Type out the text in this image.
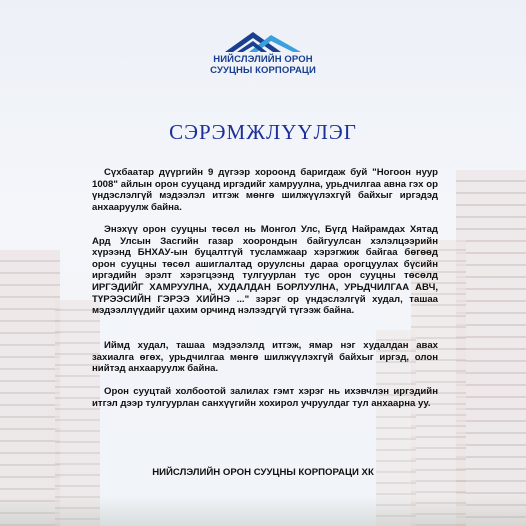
НИЙСЛЭЛИЙН ОРОН
СУУЦНЫ КОРПОРАЦИ
СЭРЭМЖЛҮҮЛЭГ

Сүхбаатар дүүргийн 9 дүгээр хороонд баригдаж буй "Ногоон нуур 1008" айлын орон сууцанд иргэдийг хамруулна, урьдчилгаа авна гэх ор үндэслэлгүй мэдээлэл итгэж мөнгө шилжүүлэхгүй байхыг иргэдэд анхааруулж байна.

Энэхүү орон сууцны төсөл нь Монгол Улс, Бүгд Найрамдах Хятад Ард Улсын Засгийн газар хоорондын байгуулсан хэлэлцээрийн хүрээнд БНХАУ-ын буцалтгүй тусламжаар хэрэгжиж байгаа бөгөөд орон сууцны төсөл ашиглалтад оруулсны дараа орогцуулах бүсийн иргэдийн эрэлт хэрэгцээнд тулгуурлан тус орон сууцны төсөлд ИРГЭДИЙГ ХАМРУУЛНА, ХУДАЛДАН БОРЛУУЛНА, УРЬДЧИЛГАА АВЧ, ТҮРЭЭСИЙН ГЭРЭЭ ХИЙНЭ ..." зэрэг ор үндэслэлгүй худал, ташаа мэдээллүүдийг цахим орчинд нэлээдгүй түгээж байна.

Иймд худал, ташаа мэдээлэлд итгэж, ямар нэг худалдан авах захиалга өгөх, урьдчилгаа мөнгө шилжүүлэхгүй байхыг иргэд, олон нийтэд анхааруулж байна.

Орон сууцтай холбоотой залилах гэмт хэрэг нь ихэвчлэн иргэдийн итгэл дээр тулгуурлан санхүүгийн хохирол учруулдаг тул анхаарна уу.

НИЙСЛЭЛИЙН ОРОН СУУЦНЫ КОРПОРАЦИ ХК
